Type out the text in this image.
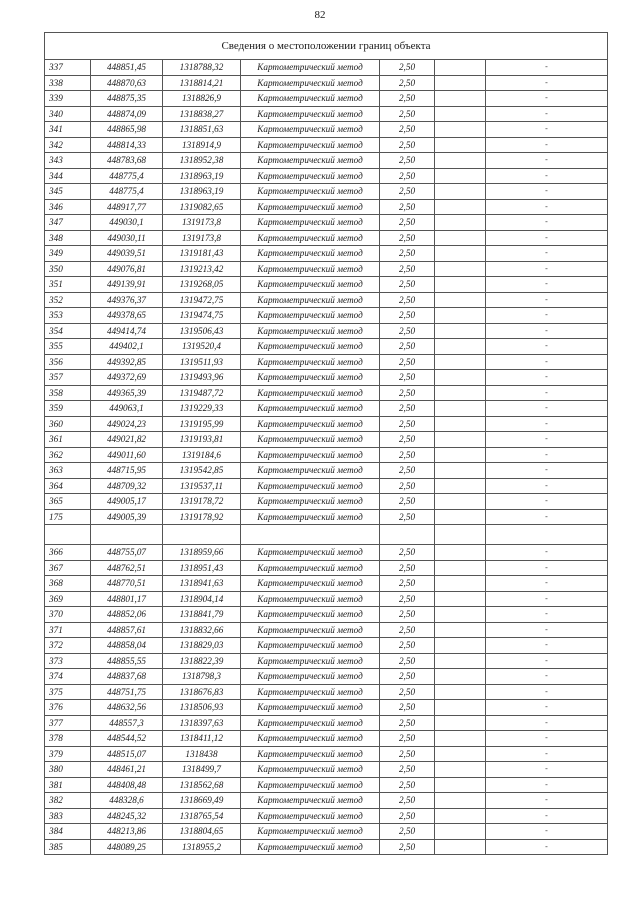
82
Сведения о местоположении границ объекта						
337	448851,45	1318788,32	Картометрический метод	2,50		-
338	448870,63	1318814,21	Картометрический метод	2,50		-
339	448875,35	1318826,9	Картометрический метод	2,50		-
340	448874,09	1318838,27	Картометрический метод	2,50		-
341	448865,98	1318851,63	Картометрический метод	2,50		-
342	448814,33	1318914,9	Картометрический метод	2,50		-
343	448783,68	1318952,38	Картометрический метод	2,50		-
344	448775,4	1318963,19	Картометрический метод	2,50		-
345	448775,4	1318963,19	Картометрический метод	2,50		-
346	448917,77	1319082,65	Картометрический метод	2,50		-
347	449030,1	1319173,8	Картометрический метод	2,50		-
348	449030,11	1319173,8	Картометрический метод	2,50		-
349	449039,51	1319181,43	Картометрический метод	2,50		-
350	449076,81	1319213,42	Картометрический метод	2,50		-
351	449139,91	1319268,05	Картометрический метод	2,50		-
352	449376,37	1319472,75	Картометрический метод	2,50		-
353	449378,65	1319474,75	Картометрический метод	2,50		-
354	449414,74	1319506,43	Картометрический метод	2,50		-
355	449402,1	1319520,4	Картометрический метод	2,50		-
356	449392,85	1319511,93	Картометрический метод	2,50		-
357	449372,69	1319493,96	Картометрический метод	2,50		-
358	449365,39	1319487,72	Картометрический метод	2,50		-
359	449063,1	1319229,33	Картометрический метод	2,50		-
360	449024,23	1319195,99	Картометрический метод	2,50		-
361	449021,82	1319193,81	Картометрический метод	2,50		-
362	449011,60	1319184,6	Картометрический метод	2,50		-
363	448715,95	1319542,85	Картометрический метод	2,50		-
364	448709,32	1319537,11	Картометрический метод	2,50		-
365	449005,17	1319178,72	Картометрический метод	2,50		-
175	449005,39	1319178,92	Картометрический метод	2,50		-

366	448755,07	1318959,66	Картометрический метод	2,50		-
367	448762,51	1318951,43	Картометрический метод	2,50		-
368	448770,51	1318941,63	Картометрический метод	2,50		-
369	448801,17	1318904,14	Картометрический метод	2,50		-
370	448852,06	1318841,79	Картометрический метод	2,50		-
371	448857,61	1318832,66	Картометрический метод	2,50		-
372	448858,04	1318829,03	Картометрический метод	2,50		-
373	448855,55	1318822,39	Картометрический метод	2,50		-
374	448837,68	1318798,3	Картометрический метод	2,50		-
375	448751,75	1318676,83	Картометрический метод	2,50		-
376	448632,56	1318506,93	Картометрический метод	2,50		-
377	448557,3	1318397,63	Картометрический метод	2,50		-
378	448544,52	1318411,12	Картометрический метод	2,50		-
379	448515,07	1318438	Картометрический метод	2,50		-
380	448461,21	1318499,7	Картометрический метод	2,50		-
381	448408,48	1318562,68	Картометрический метод	2,50		-
382	448328,6	1318669,49	Картометрический метод	2,50		-
383	448245,32	1318765,54	Картометрический метод	2,50		-
384	448213,86	1318804,65	Картометрический метод	2,50		-
385	448089,25	1318955,2	Картометрический метод	2,50		-
